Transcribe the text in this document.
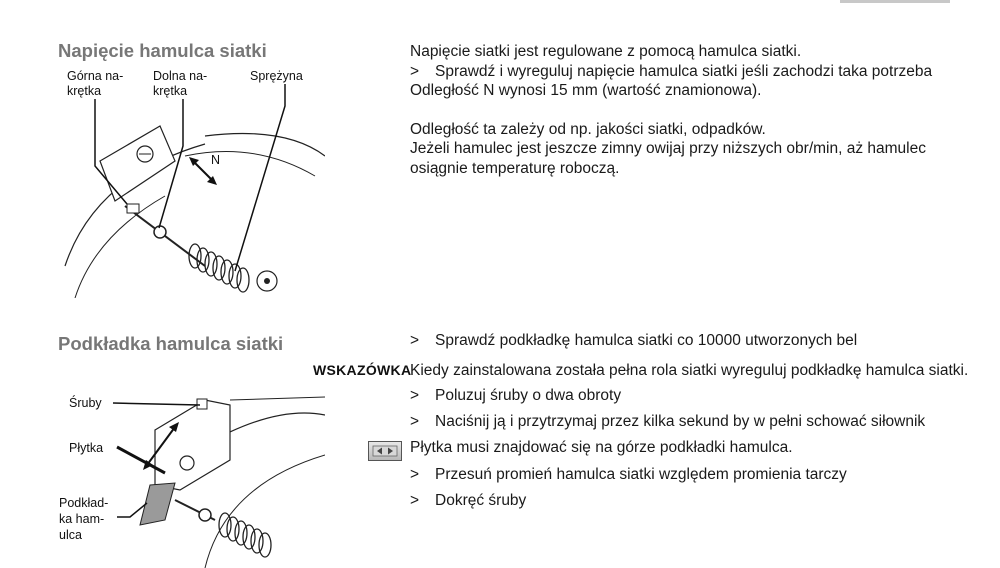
Napięcie hamulca siatki
Górna na-
krętka
Dolna na-
krętka
Sprężyna
N

Napięcie siatki jest regulowane z pomocą hamulca siatki.

> Sprawdź i wyreguluj napięcie hamulca siatki jeśli zachodzi taka potrzeba

Odległość N wynosi 15 mm (wartość znamionowa).

Odległość ta zależy od np. jakości siatki, odpadków.

Jeżeli hamulec jest jeszcze zimny owijaj przy niższych obr/min, aż hamulec osiągnie temperaturę roboczą.

Podkładka hamulca siatki
Śruby
Płytka
Podkład-
ka ham-
ulca
WSKAZÓWKA
> Sprawdź podkładkę hamulca siatki co 10000 utworzonych bel

Kiedy zainstalowana została pełna rola siatki wyreguluj podkładkę hamulca siatki.

> Poluzuj śruby o dwa obroty
> Naciśnij ją i przytrzymaj przez kilka sekund by w pełni schować siłownik

Płytka musi znajdować się na górze podkładki hamulca.

> Przesuń promień hamulca siatki względem promienia tarczy
> Dokręć śruby
